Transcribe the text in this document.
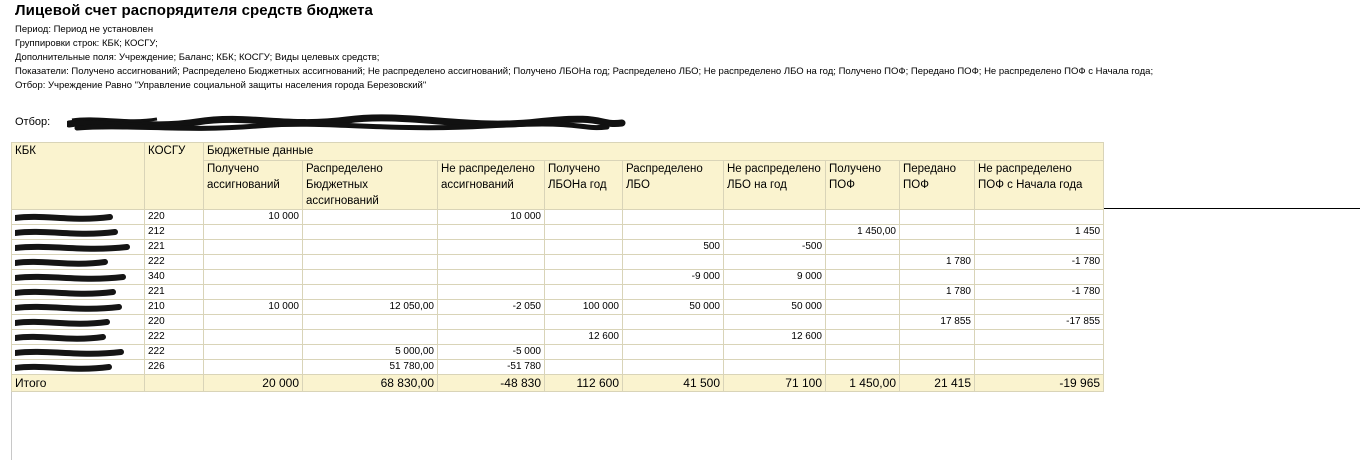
Лицевой счет распорядителя средств бюджета
Период: Период не установлен
Группировки строк: КБК; КОСГУ;
Дополнительные поля: Учреждение; Баланс; КБК; КОСГУ; Виды целевых средств;
Показатели: Получено ассигнований; Распределено Бюджетных ассигнований; Не распределено ассигнований; Получено ЛБОНа год; Распределено ЛБО; Не распределено ЛБО на год; Получено ПОФ; Передано ПОФ; Не распределено ПОФ с Начала года;
Отбор: Учреждение Равно "Управление социальной защиты населения города Березовский"
Отбор:
КБК	КОСГУ	Бюджетные данные								
		Получено ассигнований	Распределено Бюджетных ассигнований	Не распределено ассигнований	Получено ЛБОНа год	Распределено ЛБО	Не распределено ЛБО на год	Получено ПОФ	Передано ПОФ	Не распределено ПОФ с Начала года

	220	10 000		10 000						

	212							1 450,00		1 450

	221					500	-500			

	222								1 780	-1 780

	340					-9 000	9 000			

	221								1 780	-1 780

	210	10 000	12 050,00	-2 050	100 000	50 000	50 000			

	220								17 855	-17 855

	222				12 600		12 600			

	222		5 000,00	-5 000						

	226		51 780,00	-51 780						
Итого		20 000	68 830,00	-48 830	112 600	41 500	71 100	1 450,00	21 415	-19 965
